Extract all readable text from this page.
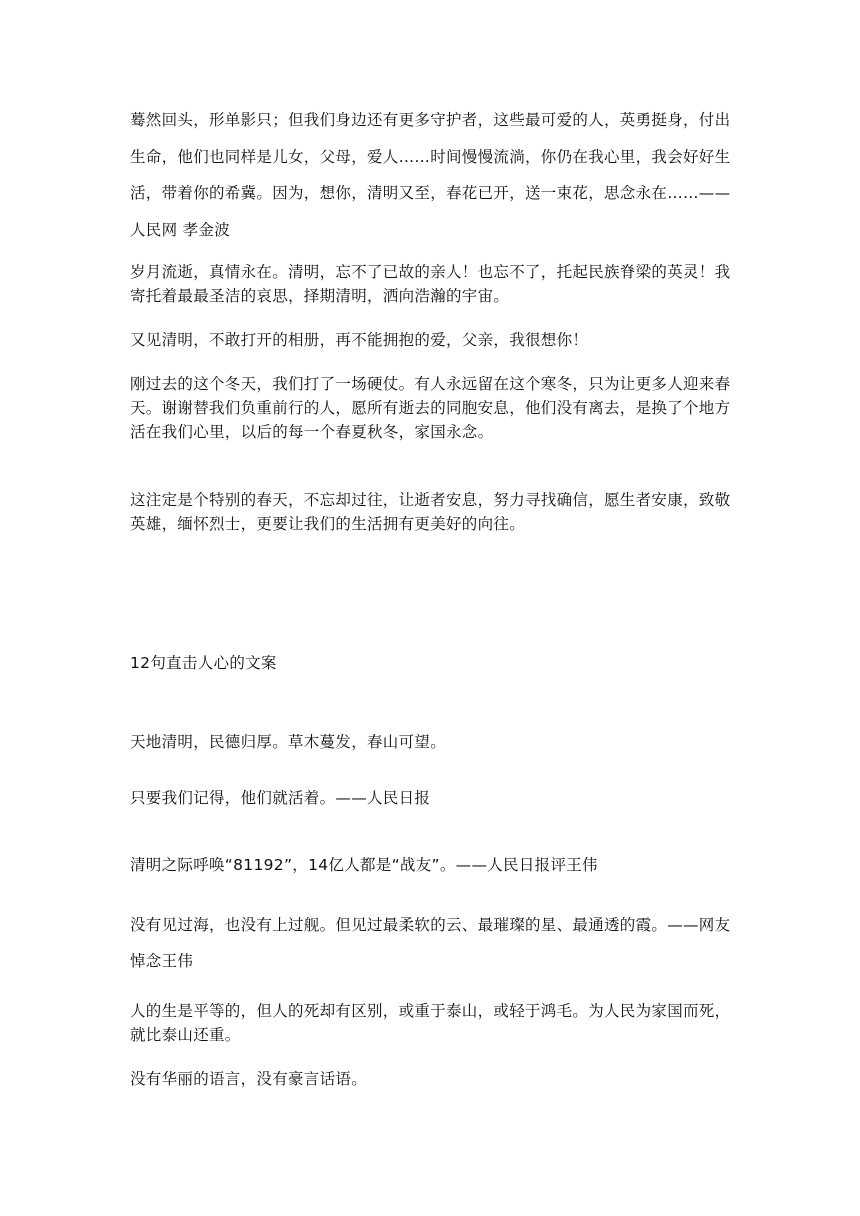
蓦然回头，形单影只；但我们身边还有更多守护者，这些最可爱的人，英勇挺身，付出生命，他们也同样是儿女，父母，爱人……时间慢慢流淌，你仍在我心里，我会好好生活，带着你的希冀。因为，想你，清明又至，春花已开，送一束花，思念永在……——人民网 孝金波

岁月流逝，真情永在。清明，忘不了已故的亲人！也忘不了，托起民族脊梁的英灵！我寄托着最最圣洁的哀思，择期清明，洒向浩瀚的宇宙。

又见清明，不敢打开的相册，再不能拥抱的爱，父亲，我很想你！

刚过去的这个冬天，我们打了一场硬仗。有人永远留在这个寒冬，只为让更多人迎来春天。谢谢替我们负重前行的人，愿所有逝去的同胞安息，他们没有离去，是换了个地方活在我们心里，以后的每一个春夏秋冬，家国永念。

这注定是个特别的春天，不忘却过往，让逝者安息，努力寻找确信，愿生者安康，致敬英雄，缅怀烈士，更要让我们的生活拥有更美好的向往。

12句直击人心的文案

天地清明，民德归厚。草木蔓发，春山可望。

只要我们记得，他们就活着。——人民日报

清明之际呼唤“81192”，14亿人都是“战友”。——人民日报评王伟

没有见过海，也没有上过舰。但见过最柔软的云、最璀璨的星、最通透的霞。——网友悼念王伟

人的生是平等的，但人的死却有区别，或重于泰山，或轻于鸿毛。为人民为家国而死，就比泰山还重。

没有华丽的语言，没有豪言话语。
